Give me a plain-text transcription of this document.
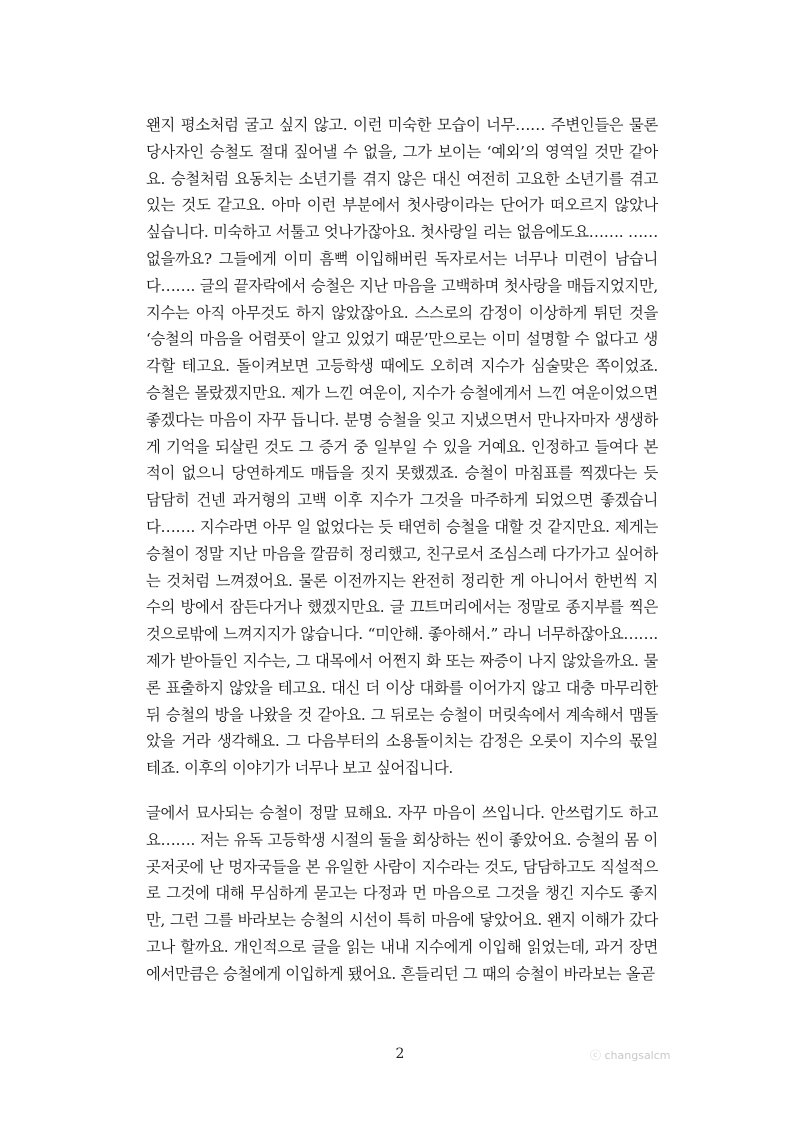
왠지 평소처럼 굴고 싶지 않고. 이런 미숙한 모습이 너무…… 주변인들은 물론 당사자인 승철도 절대 짚어낼 수 없을, 그가 보이는 ‘예외’의 영역일 것만 같아요. 승철처럼 요동치는 소년기를 겪지 않은 대신 여전히 고요한 소년기를 겪고 있는 것도 같고요. 아마 이런 부분에서 첫사랑이라는 단어가 떠오르지 않았나 싶습니다. 미숙하고 서툴고 엇나가잖아요. 첫사랑일 리는 없음에도요……. ……없을까요? 그들에게 이미 흠뻑 이입해버린 독자로서는 너무나 미련이 남습니다……. 글의 끝자락에서 승철은 지난 마음을 고백하며 첫사랑을 매듭지었지만, 지수는 아직 아무것도 하지 않았잖아요. 스스로의 감정이 이상하게 튀던 것을 ‘승철의 마음을 어렴풋이 알고 있었기 때문’만으로는 이미 설명할 수 없다고 생각할 테고요. 돌이켜보면 고등학생 때에도 오히려 지수가 심술맞은 쪽이었죠. 승철은 몰랐겠지만요. 제가 느낀 여운이, 지수가 승철에게서 느낀 여운이었으면 좋겠다는 마음이 자꾸 듭니다. 분명 승철을 잊고 지냈으면서 만나자마자 생생하게 기억을 되살린 것도 그 증거 중 일부일 수 있을 거예요. 인정하고 들여다 본 적이 없으니 당연하게도 매듭을 짓지 못했겠죠. 승철이 마침표를 찍겠다는 듯 담담히 건넨 과거형의 고백 이후 지수가 그것을 마주하게 되었으면 좋겠습니다……. 지수라면 아무 일 없었다는 듯 태연히 승철을 대할 것 같지만요. 제게는 승철이 정말 지난 마음을 깔끔히 정리했고, 친구로서 조심스레 다가가고 싶어하는 것처럼 느껴졌어요. 물론 이전까지는 완전히 정리한 게 아니어서 한번씩 지수의 방에서 잠든다거나 했겠지만요. 글 끄트머리에서는 정말로 종지부를 찍은 것으로밖에 느껴지지가 않습니다. “미안해. 좋아해서.” 라니 너무하잖아요……. 제가 받아들인 지수는, 그 대목에서 어쩐지 화 또는 짜증이 나지 않았을까요. 물론 표출하지 않았을 테고요. 대신 더 이상 대화를 이어가지 않고 대충 마무리한 뒤 승철의 방을 나왔을 것 같아요. 그 뒤로는 승철이 머릿속에서 계속해서 맴돌았을 거라 생각해요. 그 다음부터의 소용돌이치는 감정은 오롯이 지수의 몫일 테죠. 이후의 이야기가 너무나 보고 싶어집니다.

글에서 묘사되는 승철이 정말 묘해요. 자꾸 마음이 쓰입니다. 안쓰럽기도 하고요……. 저는 유독 고등학생 시절의 둘을 회상하는 씬이 좋았어요. 승철의 몸 이곳저곳에 난 멍자국들을 본 유일한 사람이 지수라는 것도, 담담하고도 직설적으로 그것에 대해 무심하게 묻고는 다정과 먼 마음으로 그것을 챙긴 지수도 좋지만, 그런 그를 바라보는 승철의 시선이 특히 마음에 닿았어요. 왠지 이해가 갔다고나 할까요. 개인적으로 글을 읽는 내내 지수에게 이입해 읽었는데, 과거 장면에서만큼은 승철에게 이입하게 됐어요. 흔들리던 그 때의 승철이 바라보는 올곧

2	ⓒ changsalcm
